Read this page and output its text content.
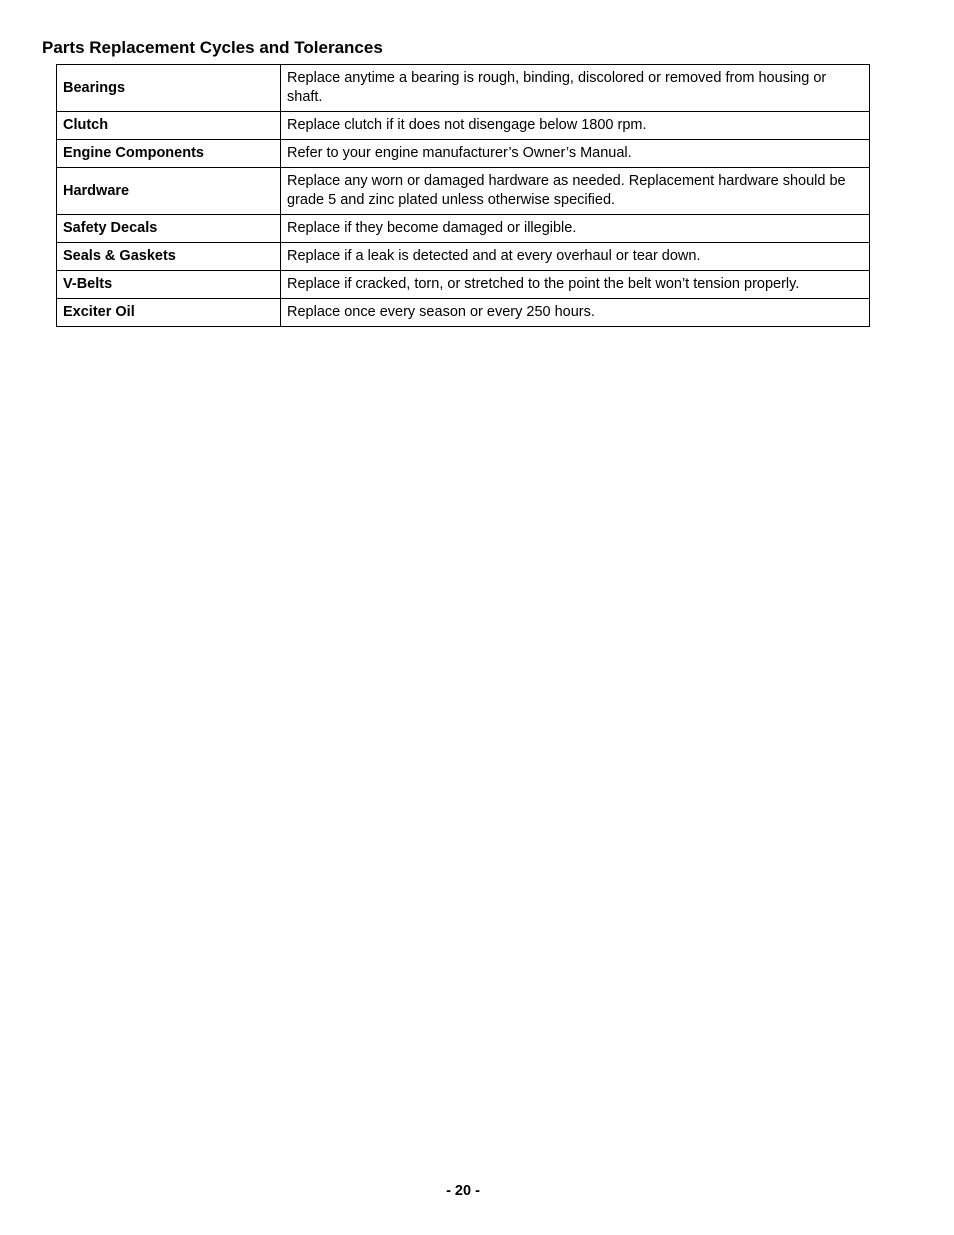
Parts Replacement Cycles and Tolerances
Bearings	Replace anytime a bearing is rough, binding, discolored or removed from housing or shaft.
Clutch	Replace clutch if it does not disengage below 1800 rpm.
Engine Components	Refer to your engine manufacturer’s Owner’s Manual.
Hardware	Replace any worn or damaged hardware as needed. Replacement hardware should be grade 5 and zinc plated unless otherwise specified.
Safety Decals	Replace if they become damaged or illegible.
Seals & Gaskets	Replace if a leak is detected and at every overhaul or tear down.
V-Belts	Replace if cracked, torn, or stretched to the point the belt won’t tension properly.
Exciter Oil	Replace once every season or every 250 hours.
- 20 -
